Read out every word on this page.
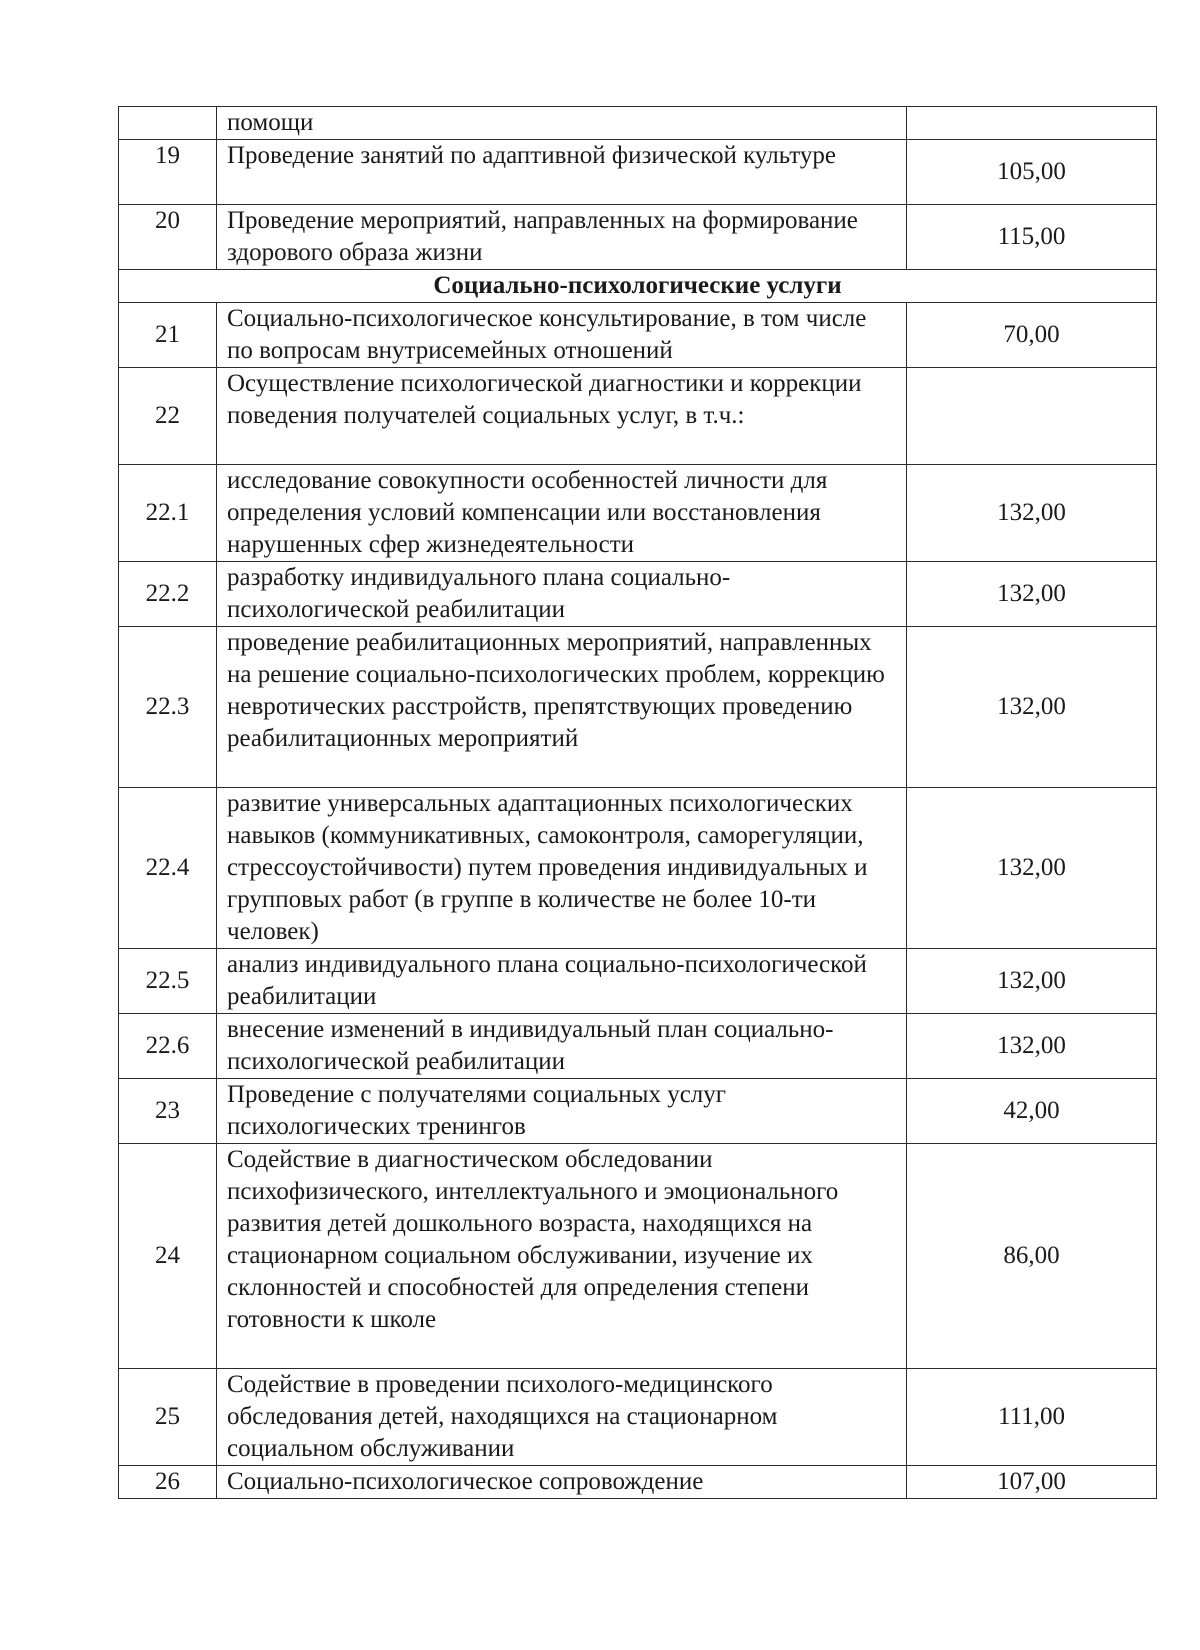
	помощи	
19	Проведение занятий по адаптивной физической культуре	105,00
20	Проведение мероприятий, направленных на формирование здорового образа жизни	115,00
Социально-психологические услуги		
21	Социально-психологическое консультирование, в том числе по вопросам внутрисемейных отношений	70,00
22	Осуществление психологической диагностики и коррекции поведения получателей социальных услуг, в т.ч.:	
22.1	исследование совокупности особенностей личности для определения условий компенсации или восстановления нарушенных сфер жизнедеятельности	132,00
22.2	разработку индивидуального плана социально-психологической реабилитации	132,00
22.3	проведение реабилитационных мероприятий, направленных на решение социально-психологических проблем, коррекцию невротических расстройств, препятствующих проведению реабилитационных мероприятий	132,00
22.4	развитие универсальных адаптационных психологических навыков (коммуникативных, самоконтроля, саморегуляции, стрессоустойчивости) путем проведения индивидуальных и групповых работ (в группе в количестве не более 10-ти человек)	132,00
22.5	анализ индивидуального плана социально-психологической реабилитации	132,00
22.6	внесение изменений в индивидуальный план социально-психологической реабилитации	132,00
23	Проведение с получателями социальных услуг психологических тренингов	42,00
24	Содействие в диагностическом обследовании психофизического, интеллектуального и эмоционального развития детей дошкольного возраста, находящихся на стационарном социальном обслуживании, изучение их склонностей и способностей для определения степени готовности к школе	86,00
25	Содействие в проведении психолого-медицинского обследования детей, находящихся на стационарном социальном обслуживании	111,00
26	Социально-психологическое сопровождение	107,00
